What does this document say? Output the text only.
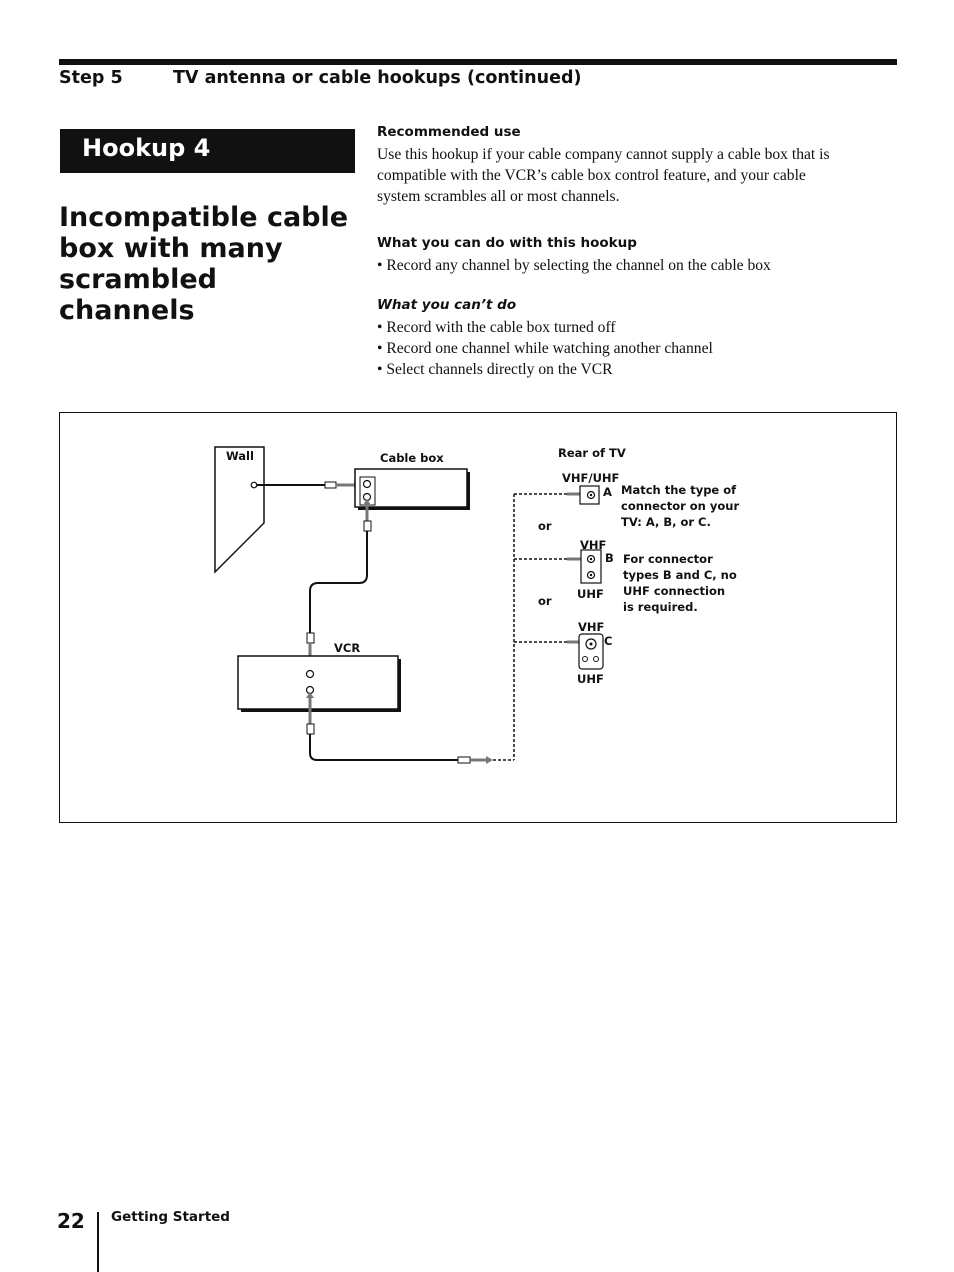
Step 5	TV antenna or cable hookups (continued)
Hookup 4
Incompatible cable
box with many
scrambled channels
Recommended use

Use this hookup if your cable company cannot supply a cable box that is
compatible with the VCR’s cable box control feature, and your cable
system scrambles all or most channels.

What you can do with this hookup
• Record any channel by selecting the channel on the cable box
What you can’t do
• Record with the cable box turned off
• Record one channel while watching another channel
• Select channels directly on the VCR
Wall	Cable box
VCR
Rear of TV
VHF/UHF
A
or
VHF
B
UHF
or
VHF
C
UHF
Match the type of
connector on your
TV: A, B, or C.
For connector
types B and C, no
UHF connection
is required.
22 Getting Started
